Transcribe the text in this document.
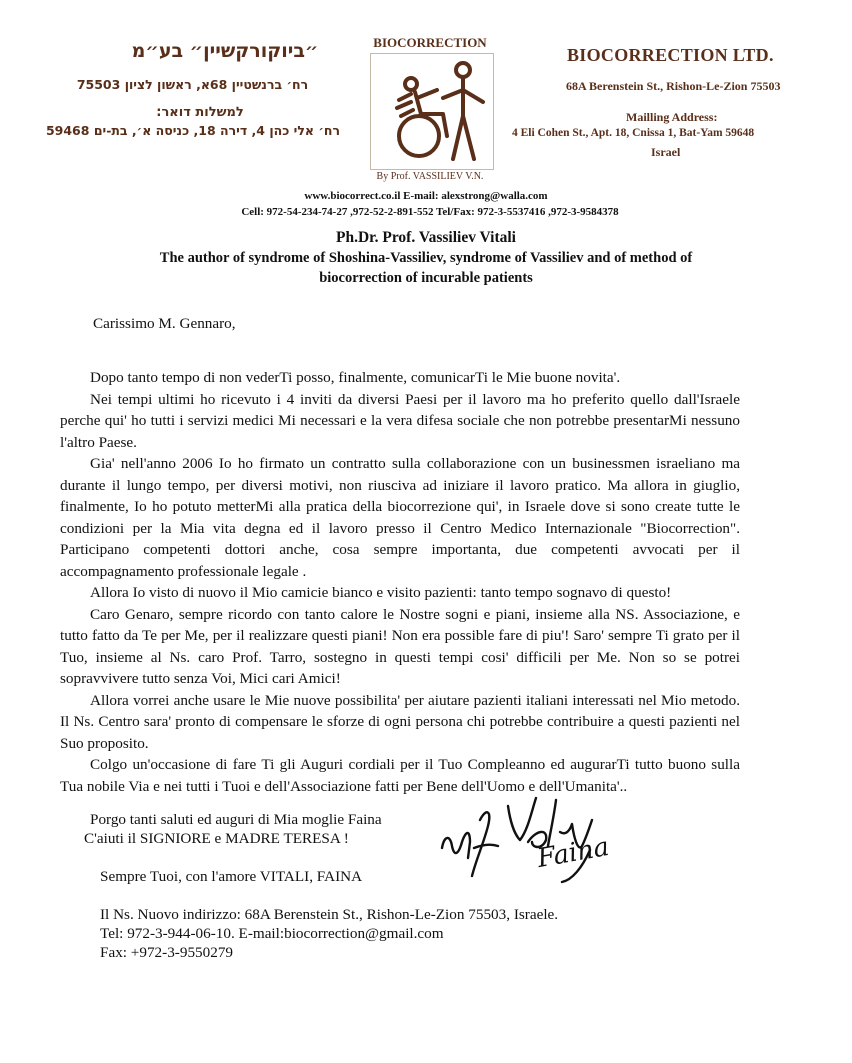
״ביוקורקשיין״ בע״מ
רח׳ ברנשטיין 68א, ראשון לציון 75503
למשלות דואר:
רח׳ אלי כהן 4, דירה 18, כניסה א׳, בת-ים 59468
BIOCORRECTION
By Prof. VASSILIEV V.N.
BIOCORRECTION LTD.
68A Berenstein St., Rishon-Le-Zion 75503
Mailling Address:
4 Eli Cohen St., Apt. 18, Cnissa 1, Bat-Yam 59648
Israel
www.biocorrect.co.il E-mail: alexstrong@walla.com
Cell: 972-54-234-74-27 ,972-52-2-891-552 Tel/Fax: 972-3-5537416 ,972-3-9584378
Ph.Dr. Prof. Vassiliev Vitali
The author of syndrome of Shoshina-Vassiliev, syndrome of Vassiliev and of method of
biocorrection of incurable patients
Carissimo M. Gennaro,

Dopo tanto tempo di non vederTi posso, finalmente, comunicarTi le Mie buone novita'.

Nei tempi ultimi ho ricevuto i 4 inviti da diversi Paesi per il lavoro ma ho preferito quello dall'Israele perche qui' ho tutti i servizi medici Mi necessari e la vera difesa sociale che non potrebbe presentarMi nessuno l'altro Paese.

Gia' nell'anno 2006 Io ho firmato un contratto sulla collaborazione con un businessmen israeliano ma durante il lungo tempo, per diversi motivi, non riusciva ad iniziare il lavoro pratico. Ma allora in giuglio, finalmente, Io ho potuto metterMi alla pratica della biocorrezione qui', in Israele dove si sono create tutte le condizioni per la Mia vita degna ed il lavoro presso il Centro Medico Internazionale "Biocorrection". Participano competenti dottori anche, cosa sempre importanta, due competenti avvocati per il accompagnamento professionale legale .

Allora Io visto di nuovo il Mio camicie bianco e visito pazienti: tanto tempo sognavo di questo!

Caro Genaro, sempre ricordo con tanto calore le Nostre sogni e piani, insieme alla NS. Associazione, e tutto fatto da Te per Me, per il realizzare questi piani! Non era possible fare di piu'! Saro' sempre Ti grato per il Tuo, insieme al Ns. caro Prof. Tarro, sostegno in questi tempi cosi' difficili per Me. Non so se potrei sopravvivere tutto senza Voi, Mici cari Amici!

Allora vorrei anche usare le Mie nuove possibilita' per aiutare pazienti italiani interessati nel Mio metodo. Il Ns. Centro sara' pronto di compensare le sforze di ogni persona chi potrebbe contribuire a questi pazienti nel Suo proposito.

Colgo un'occasione di fare Ti gli Auguri cordiali per il Tuo Compleanno ed augurarTi tutto buono sulla Tua nobile Via e nei tutti i Tuoi e dell'Associazione fatti per Bene dell'Uomo e dell'Umanita'..

Porgo tanti saluti ed auguri di Mia moglie Faina
C'aiuti il SIGNIORE e MADRE TERESA !
Sempre Tuoi, con l'amore VITALI, FAINA
Faina
Il Ns. Nuovo indirizzo: 68A Berenstein St., Rishon-Le-Zion 75503, Israele.
Tel: 972-3-944-06-10. E-mail:biocorrection@gmail.com
Fax: +972-3-9550279
